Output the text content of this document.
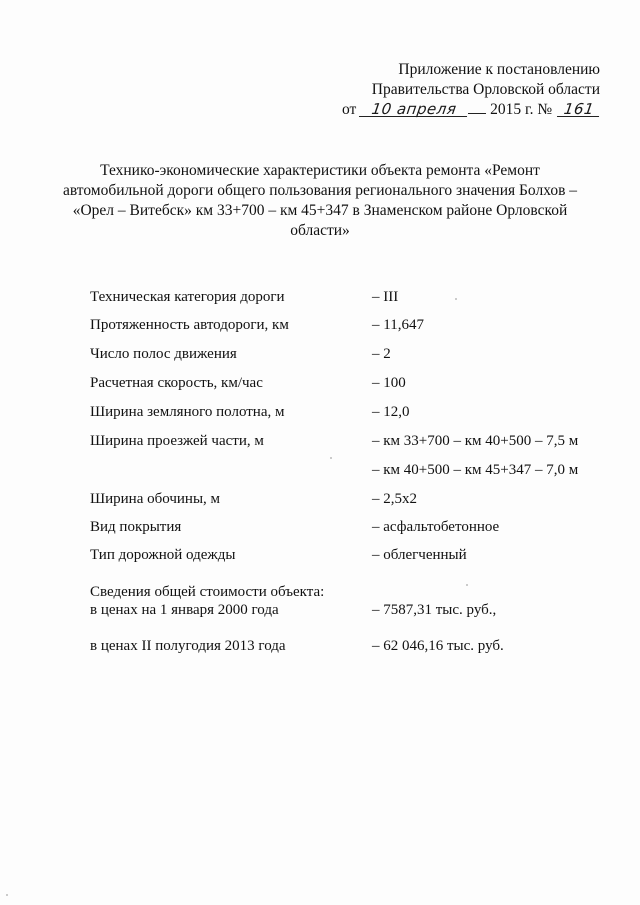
Приложение к постановлению
Правительства Орловской области
от 10 апреля 2015 г. № 161
Технико-экономические характеристики объекта ремонта «Ремонт
автомобильной дороги общего пользования регионального значения Болхов –
«Орел – Витебск» км 33+700 – км 45+347 в Знаменском районе Орловской
области»
Техническая категория дороги	– III
Протяженность автодороги, км	– 11,647
Число полос движения	– 2
Расчетная скорость, км/час	– 100
Ширина земляного полотна, м	– 12,0
Ширина проезжей части, м	– км 33+700 – км 40+500 – 7,5 м
– км 40+500 – км 45+347 – 7,0 м
Ширина обочины, м	– 2,5х2
Вид покрытия	– асфальтобетонное
Тип дорожной одежды	– облегченный
Сведения общей стоимости объекта:
в ценах на 1 января 2000 года	– 7587,31 тыс. руб.,
в ценах II полугодия 2013 года	– 62 046,16 тыс. руб.
